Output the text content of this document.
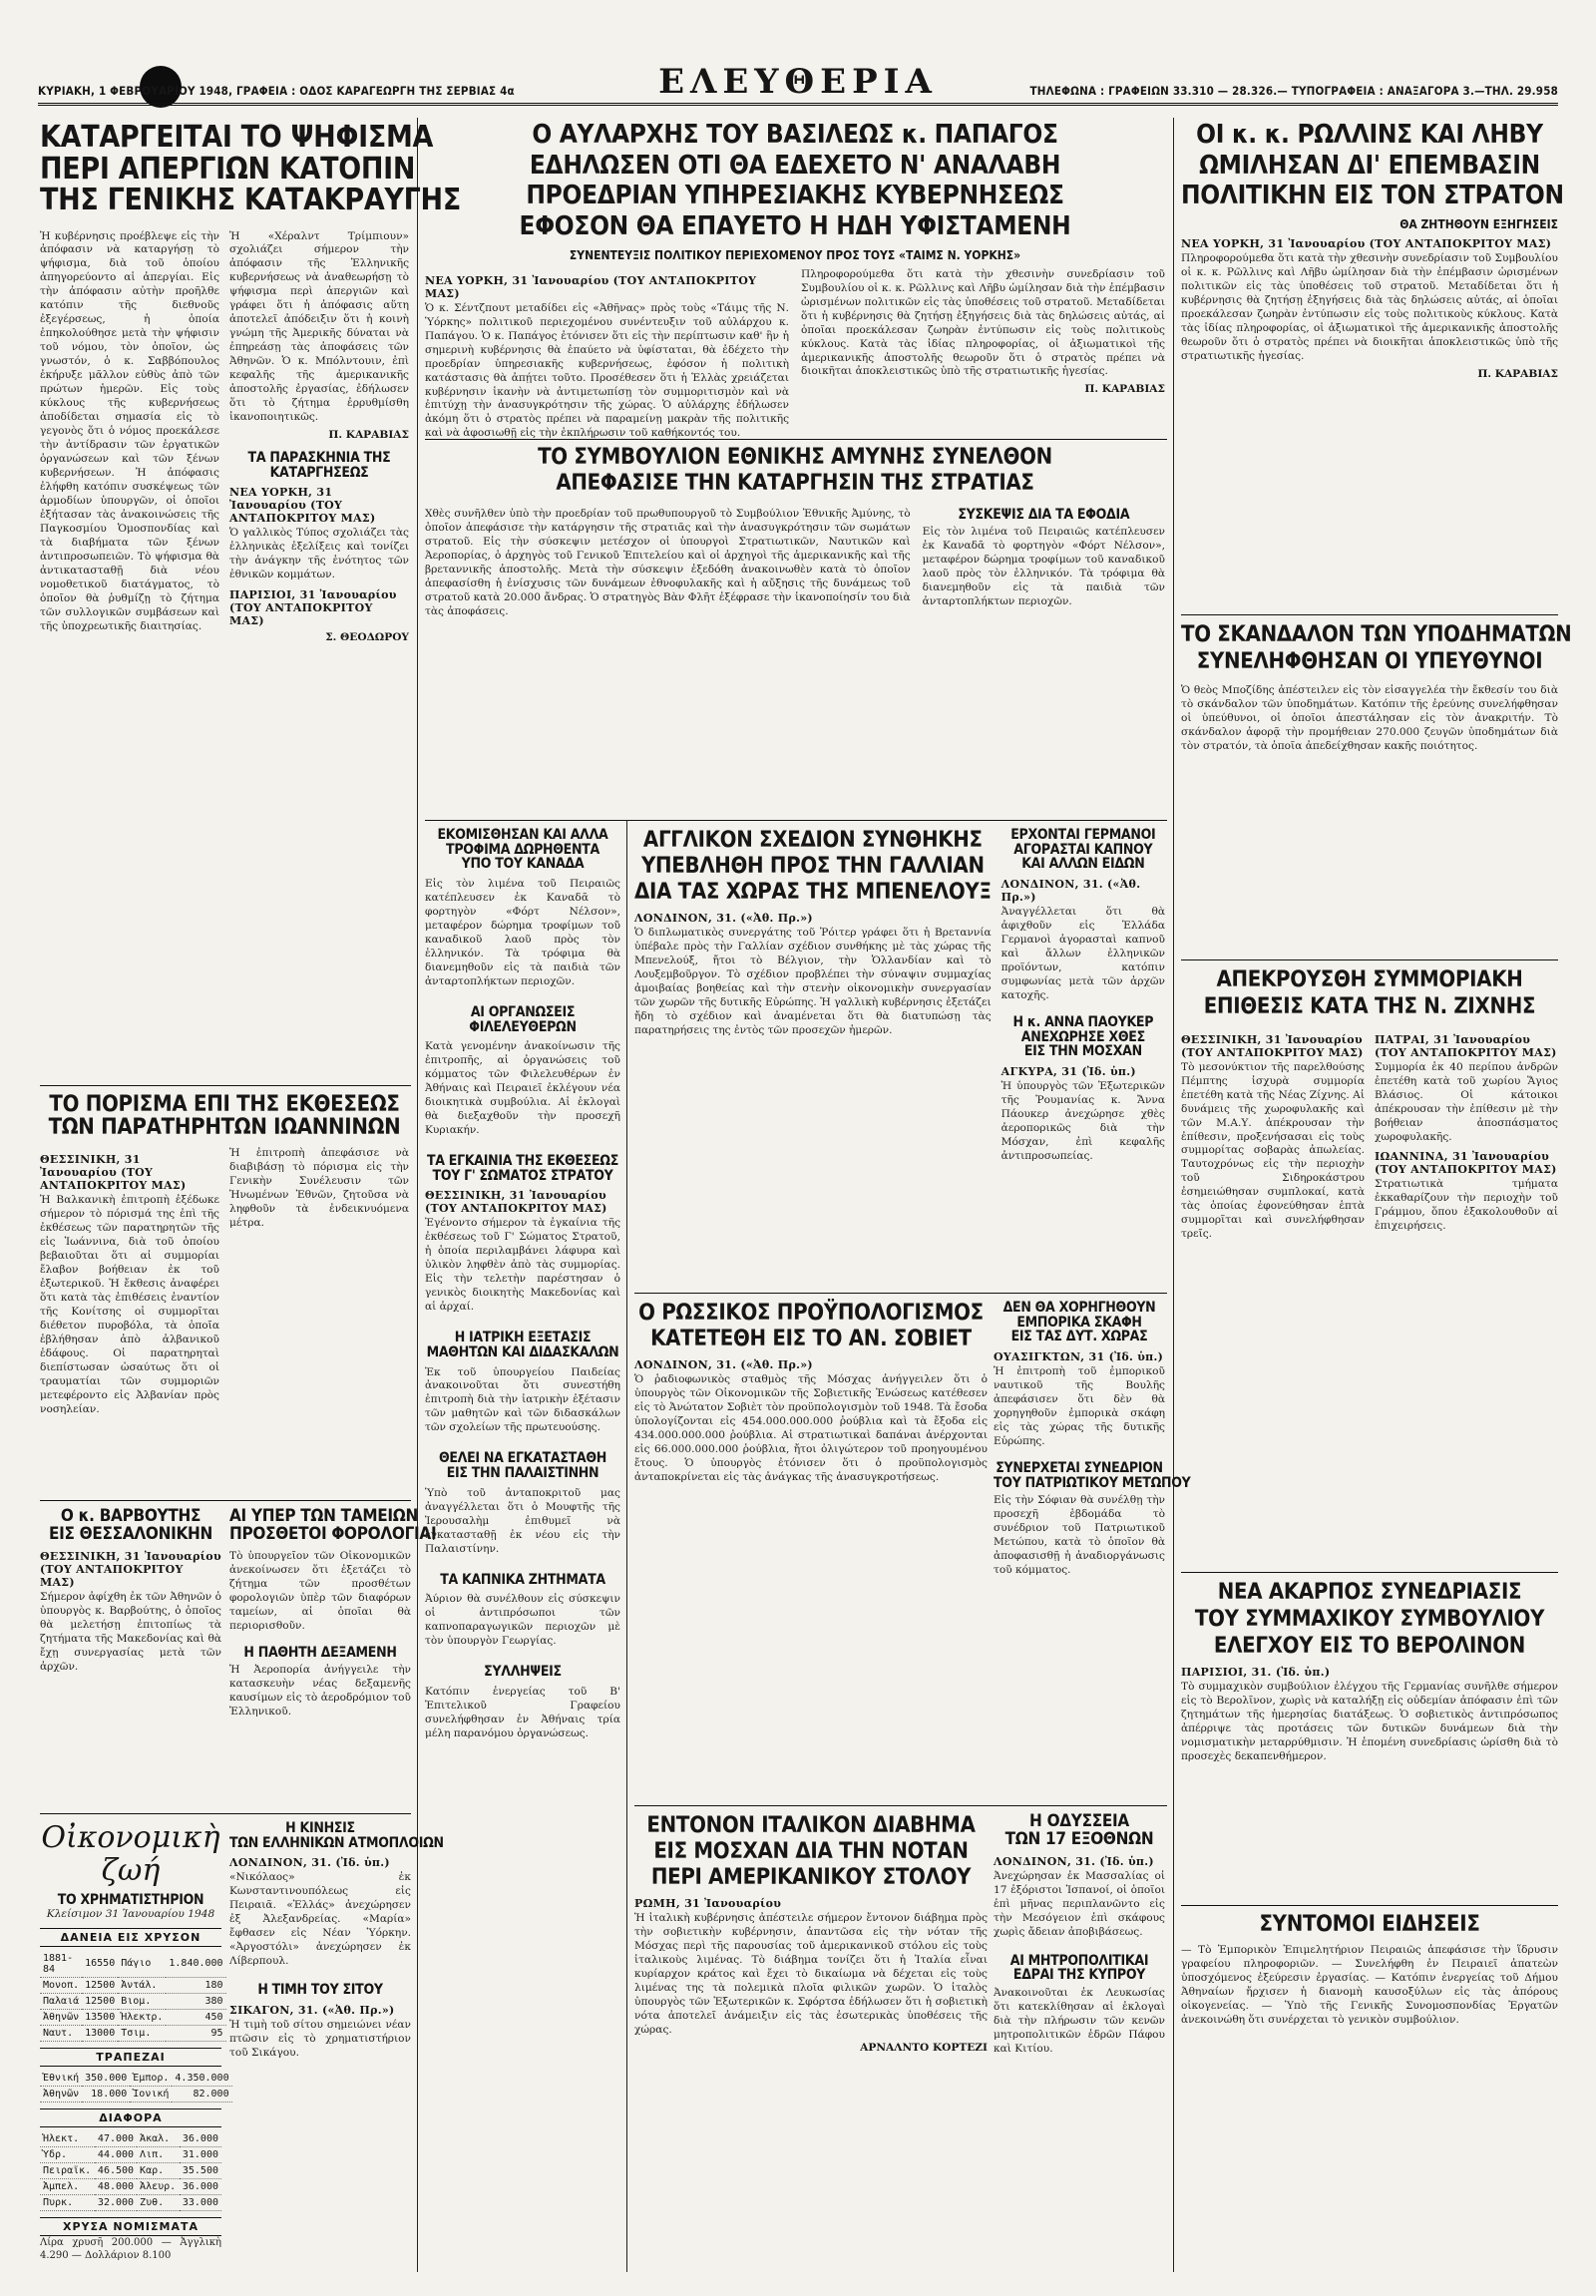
ΚΥΡΙΑΚΗ, 1 ΦΕΒΡΟΥΑΡΙΟΥ 1948, ΓΡΑΦΕΙΑ : ΟΔΟΣ ΚΑΡΑΓΕΩΡΓΗ ΤΗΣ ΣΕΡΒΙΑΣ 4α	ΕΛΕΥΘΕΡΙΑ	ΤΗΛΕΦΩΝΑ : ΓΡΑΦΕΙΩΝ 33.310 — 28.326.— ΤΥΠΟΓΡΑΦΕΙΑ : ΑΝΑΞΑΓΟΡΑ 3.—ΤΗΛ. 29.958
ΚΑΤΑΡΓΕΙΤΑΙ ΤΟ ΨΗΦΙΣΜΑ
ΠΕΡΙ ΑΠΕΡΓΙΩΝ ΚΑΤΟΠΙΝ
ΤΗΣ ΓΕΝΙΚΗΣ ΚΑΤΑΚΡΑΥΓΗΣ
Ἡ κυβέρνησις προέβλεψε εἰς τὴν ἀπόφασιν νὰ καταργήσῃ τὸ ψήφισμα, διὰ τοῦ ὁποίου ἀπηγορεύοντο αἱ ἀπεργίαι. Εἰς τὴν ἀπόφασιν αὐτὴν προῆλθε κατόπιν τῆς διεθνοῦς ἐξεγέρσεως, ἡ ὁποία ἐπηκολούθησε μετὰ τὴν ψήφισιν τοῦ νόμου, τὸν ὁποῖον, ὡς γνωστόν, ὁ κ. Σαββόπουλος ἐκήρυξε μᾶλλον εὐθὺς ἀπὸ τῶν πρώτων ἡμερῶν. Εἰς τοὺς κύκλους τῆς κυβερνήσεως ἀποδίδεται σημασία εἰς τὸ γεγονὸς ὅτι ὁ νόμος προεκάλεσε τὴν ἀντίδρασιν τῶν ἐργατικῶν ὀργανώσεων καὶ τῶν ξένων κυβερνήσεων. Ἡ ἀπόφασις ἐλήφθη κατόπιν συσκέψεως τῶν ἀρμοδίων ὑπουργῶν, οἱ ὁποῖοι ἐξήτασαν τὰς ἀνακοινώσεις τῆς Παγκοσμίου Ὁμοσπονδίας καὶ τὰ διαβήματα τῶν ξένων ἀντιπροσωπειῶν. Τὸ ψήφισμα θὰ ἀντικατασταθῇ διὰ νέου νομοθετικοῦ διατάγματος, τὸ ὁποῖον θὰ ῥυθμίζῃ τὸ ζήτημα τῶν συλλογικῶν συμβάσεων καὶ τῆς ὑποχρεωτικῆς διαιτησίας.
Ἡ «Χέραλντ Τρίμπιουν» σχολιάζει σήμερον τὴν ἀπόφασιν τῆς Ἑλληνικῆς κυβερνήσεως νὰ ἀναθεωρήσῃ τὸ ψήφισμα περὶ ἀπεργιῶν καὶ γράφει ὅτι ἡ ἀπόφασις αὕτη ἀποτελεῖ ἀπόδειξιν ὅτι ἡ κοινὴ γνώμη τῆς Ἀμερικῆς δύναται νὰ ἐπηρεάσῃ τὰς ἀποφάσεις τῶν Ἀθηνῶν. Ὁ κ. Μπόλντουιν, ἐπὶ κεφαλῆς τῆς ἀμερικανικῆς ἀποστολῆς ἐργασίας, ἐδήλωσεν ὅτι τὸ ζήτημα ἐρρυθμίσθη ἱκανοποιητικῶς.
Π. ΚΑΡΑΒΙΑΣ
ΤΑ ΠΑΡΑΣΚΗΝΙΑ ΤΗΣ ΚΑΤΑΡΓΗΣΕΩΣ
ΝΕΑ ΥΟΡΚΗ, 31 Ἰανουαρίου (ΤΟΥ ΑΝΤΑΠΟΚΡΙΤΟΥ ΜΑΣ)
Ὁ γαλλικὸς Τύπος σχολιάζει τὰς ἑλληνικὰς ἐξελίξεις καὶ τονίζει τὴν ἀνάγκην τῆς ἑνότητος τῶν ἐθνικῶν κομμάτων.
ΠΑΡΙΣΙΟΙ, 31 Ἰανουαρίου (ΤΟΥ ΑΝΤΑΠΟΚΡΙΤΟΥ ΜΑΣ)
Σ. ΘΕΟΔΩΡΟΥ
ΤΟ ΠΟΡΙΣΜΑ ΕΠΙ ΤΗΣ ΕΚΘΕΣΕΩΣ
ΤΩΝ ΠΑΡΑΤΗΡΗΤΩΝ ΙΩΑΝΝΙΝΩΝ
ΘΕΣΣΙΝΙΚΗ, 31 Ἰανουαρίου (ΤΟΥ ΑΝΤΑΠΟΚΡΙΤΟΥ ΜΑΣ)
Ἡ Βαλκανικὴ ἐπιτροπὴ ἐξέδωκε σήμερον τὸ πόρισμά της ἐπὶ τῆς ἐκθέσεως τῶν παρατηρητῶν τῆς εἰς Ἰωάννινα, διὰ τοῦ ὁποίου βεβαιοῦται ὅτι αἱ συμμορίαι ἔλαβον βοήθειαν ἐκ τοῦ ἐξωτερικοῦ. Ἡ ἔκθεσις ἀναφέρει ὅτι κατὰ τὰς ἐπιθέσεις ἐναντίον τῆς Κονίτσης οἱ συμμορῖται διέθετον πυροβόλα, τὰ ὁποῖα ἐβλήθησαν ἀπὸ ἀλβανικοῦ ἐδάφους. Οἱ παρατηρηταὶ διεπίστωσαν ὡσαύτως ὅτι οἱ τραυματίαι τῶν συμμοριῶν μετεφέροντο εἰς Ἀλβανίαν πρὸς νοσηλείαν.
Ἡ ἐπιτροπὴ ἀπεφάσισε νὰ διαβιβάσῃ τὸ πόρισμα εἰς τὴν Γενικὴν Συνέλευσιν τῶν Ἡνωμένων Ἐθνῶν, ζητοῦσα νὰ ληφθοῦν τὰ ἐνδεικνυόμενα μέτρα.
Ο κ. ΒΑΡΒΟΥΤΗΣ
ΕΙΣ ΘΕΣΣΑΛΟΝΙΚΗΝ
ΘΕΣΣΙΝΙΚΗ, 31 Ἰανουαρίου (ΤΟΥ ΑΝΤΑΠΟΚΡΙΤΟΥ ΜΑΣ)
Σήμερον ἀφίχθη ἐκ τῶν Ἀθηνῶν ὁ ὑπουργὸς κ. Βαρβούτης, ὁ ὁποῖος θὰ μελετήσῃ ἐπιτοπίως τὰ ζητήματα τῆς Μακεδονίας καὶ θὰ ἔχῃ συνεργασίας μετὰ τῶν ἀρχῶν.
ΑΙ ΥΠΕΡ ΤΩΝ ΤΑΜΕΙΩΝ
ΠΡΟΣΘΕΤΟΙ ΦΟΡΟΛΟΓΙΑΙ
Τὸ ὑπουργεῖον τῶν Οἰκονομικῶν ἀνεκοίνωσεν ὅτι ἐξετάζει τὸ ζήτημα τῶν προσθέτων φορολογιῶν ὑπὲρ τῶν διαφόρων ταμείων, αἱ ὁποῖαι θὰ περιορισθοῦν.
Η ΠΑΘΗΤΗ ΔΕΞΑΜΕΝΗ
Ἡ Ἀεροπορία ἀνήγγειλε τὴν κατασκευὴν νέας δεξαμενῆς καυσίμων εἰς τὸ ἀεροδρόμιον τοῦ Ἑλληνικοῦ.
Οἰκονομικὴ ζωή
ΤΟ ΧΡΗΜΑΤΙΣΤΗΡΙΟΝ
Κλείσιμον 31 Ἰανουαρίου 1948
ΔΑΝΕΙΑ ΕΙΣ ΧΡΥΣΟΝ
1881-84	16550	Πάγιο	1.840.000
Μονοπ.	12500	Ἀντάλ.	180
Παλαιά	12500	Βιομ.	380
Ἀθηνῶν	13500	Ἡλεκτρ.	450
Ναυτ.	13000	Τσιμ.	95
ΤΡΑΠΕΖΑΙ
Ἐθνική	350.000	Ἐμπορ.	4.350.000
Ἀθηνῶν	18.000	Ἰονική	82.000
ΔΙΑΦΟΡΑ
Ἠλεκτ.	47.000	Ἀκαλ.	36.000
Ὑδρ.	44.000	Λιπ.	31.000
Πειραϊκ.	46.500	Καρ.	35.500
Ἀμπελ.	48.000	Ἀλευρ.	36.000
Πυρκ.	32.000	Ζυθ.	33.000
ΧΡΥΣΑ ΝΟΜΙΣΜΑΤΑ
Λίρα χρυσῆ 200.000 — Ἀγγλικὴ 4.290 — Δολλάριον 8.100
Η ΚΙΝΗΣΙΣ
ΤΩΝ ΕΛΛΗΝΙΚΩΝ ΑΤΜΟΠΛΟΙΩΝ
ΛΟΝΔΙΝΟΝ, 31. (Ἰδ. ὑπ.)
«Νικόλαος» ἐκ Κωνσταντινουπόλεως εἰς Πειραιᾶ. «Ἑλλάς» ἀνεχώρησεν ἐξ Ἀλεξανδρείας. «Μαρία» ἔφθασεν εἰς Νέαν Ὑόρκην. «Ἀργοστόλι» ἀνεχώρησεν ἐκ Λίβερπουλ.
Η ΤΙΜΗ ΤΟΥ ΣΙΤΟΥ
ΣΙΚΑΓΟΝ, 31. («Ἀθ. Πρ.»)
Ἡ τιμὴ τοῦ σίτου σημειώνει νέαν πτῶσιν εἰς τὸ χρηματιστήριον τοῦ Σικάγου.
Ο ΑΥΛΑΡΧΗΣ ΤΟΥ ΒΑΣΙΛΕΩΣ κ. ΠΑΠΑΓΟΣ
ΕΔΗΛΩΣΕΝ ΟΤΙ ΘΑ ΕΔΕΧΕΤΟ Ν' ΑΝΑΛΑΒΗ
ΠΡΟΕΔΡΙΑΝ ΥΠΗΡΕΣΙΑΚΗΣ ΚΥΒΕΡΝΗΣΕΩΣ
ΕΦΟΣΟΝ ΘΑ ΕΠΑΥΕΤΟ Η ΗΔΗ ΥΦΙΣΤΑΜΕΝΗ
ΣΥΝΕΝΤΕΥΞΙΣ ΠΟΛΙΤΙΚΟΥ ΠΕΡΙΕΧΟΜΕΝΟΥ ΠΡΟΣ ΤΟΥΣ «ΤΑΙΜΣ Ν. ΥΟΡΚΗΣ»
ΝΕΑ ΥΟΡΚΗ, 31 Ἰανουαρίου (ΤΟΥ ΑΝΤΑΠΟΚΡΙΤΟΥ ΜΑΣ)
Ὁ κ. Σέντζπουτ μεταδίδει εἰς «Ἀθῆνας» πρὸς τοὺς «Τάιμς τῆς Ν. Ὑόρκης» πολιτικοῦ περιεχομένου συνέντευξιν τοῦ αὐλάρχου κ. Παπάγου. Ὁ κ. Παπάγος ἐτόνισεν ὅτι εἰς τὴν περίπτωσιν καθ' ἣν ἡ σημερινὴ κυβέρνησις θὰ ἐπαύετο νὰ ὑφίσταται, θὰ ἐδέχετο τὴν προεδρίαν ὑπηρεσιακῆς κυβερνήσεως, ἐφόσον ἡ πολιτικὴ κατάστασις θὰ ἀπῄτει τοῦτο. Προσέθεσεν ὅτι ἡ Ἑλλὰς χρειάζεται κυβέρνησιν ἱκανὴν νὰ ἀντιμετωπίσῃ τὸν συμμοριτισμὸν καὶ νὰ ἐπιτύχῃ τὴν ἀνασυγκρότησιν τῆς χώρας. Ὁ αὐλάρχης ἐδήλωσεν ἀκόμη ὅτι ὁ στρατὸς πρέπει νὰ παραμείνῃ μακρὰν τῆς πολιτικῆς καὶ νὰ ἀφοσιωθῇ εἰς τὴν ἐκπλήρωσιν τοῦ καθήκοντός του.
Πληροφορούμεθα ὅτι κατὰ τὴν χθεσινὴν συνεδρίασιν τοῦ Συμβουλίου οἱ κ. κ. Ρῶλλινς καὶ Λῆβυ ὡμίλησαν διὰ τὴν ἐπέμβασιν ὡρισμένων πολιτικῶν εἰς τὰς ὑποθέσεις τοῦ στρατοῦ. Μεταδίδεται ὅτι ἡ κυβέρνησις θὰ ζητήσῃ ἐξηγήσεις διὰ τὰς δηλώσεις αὐτάς, αἱ ὁποῖαι προεκάλεσαν ζωηρὰν ἐντύπωσιν εἰς τοὺς πολιτικοὺς κύκλους. Κατὰ τὰς ἰδίας πληροφορίας, οἱ ἀξιωματικοὶ τῆς ἀμερικανικῆς ἀποστολῆς θεωροῦν ὅτι ὁ στρατὸς πρέπει νὰ διοικῆται ἀποκλειστικῶς ὑπὸ τῆς στρατιωτικῆς ἡγεσίας.
Π. ΚΑΡΑΒΙΑΣ
ΤΟ ΣΥΜΒΟΥΛΙΟΝ ΕΘΝΙΚΗΣ ΑΜΥΝΗΣ ΣΥΝΕΛΘΟΝ
ΑΠΕΦΑΣΙΣΕ ΤΗΝ ΚΑΤΑΡΓΗΣΙΝ ΤΗΣ ΣΤΡΑΤΙΑΣ
Χθὲς συνῆλθεν ὑπὸ τὴν προεδρίαν τοῦ πρωθυπουργοῦ τὸ Συμβούλιον Ἐθνικῆς Ἀμύνης, τὸ ὁποῖον ἀπεφάσισε τὴν κατάργησιν τῆς στρατιᾶς καὶ τὴν ἀνασυγκρότησιν τῶν σωμάτων στρατοῦ. Εἰς τὴν σύσκεψιν μετέσχον οἱ ὑπουργοὶ Στρατιωτικῶν, Ναυτικῶν καὶ Ἀεροπορίας, ὁ ἀρχηγὸς τοῦ Γενικοῦ Ἐπιτελείου καὶ οἱ ἀρχηγοὶ τῆς ἀμερικανικῆς καὶ τῆς βρεταννικῆς ἀποστολῆς. Μετὰ τὴν σύσκεψιν ἐξεδόθη ἀνακοινωθὲν κατὰ τὸ ὁποῖον ἀπεφασίσθη ἡ ἐνίσχυσις τῶν δυνάμεων ἐθνοφυλακῆς καὶ ἡ αὔξησις τῆς δυνάμεως τοῦ στρατοῦ κατὰ 20.000 ἄνδρας. Ὁ στρατηγὸς Βὰν Φλῆτ ἐξέφρασε τὴν ἱκανοποίησίν του διὰ τὰς ἀποφάσεις.
ΣΥΣΚΕΨΙΣ ΔΙΑ ΤΑ ΕΦΟΔΙΑ
Εἰς τὸν λιμένα τοῦ Πειραιῶς κατέπλευσεν ἐκ Καναδᾶ τὸ φορτηγὸν «Φόρτ Νέλσον», μεταφέρον δώρημα τροφίμων τοῦ καναδικοῦ λαοῦ πρὸς τὸν ἑλληνικόν. Τὰ τρόφιμα θὰ διανεμηθοῦν εἰς τὰ παιδιὰ τῶν ἀνταρτοπλήκτων περιοχῶν.
ΕΚΟΜΙΣΘΗΣΑΝ ΚΑΙ ΑΛΛΑ
ΤΡΟΦΙΜΑ ΔΩΡΗΘΕΝΤΑ
ΥΠΟ ΤΟΥ ΚΑΝΑΔΑ
Εἰς τὸν λιμένα τοῦ Πειραιῶς κατέπλευσεν ἐκ Καναδᾶ τὸ φορτηγὸν «Φόρτ Νέλσον», μεταφέρον δώρημα τροφίμων τοῦ καναδικοῦ λαοῦ πρὸς τὸν ἑλληνικόν. Τὰ τρόφιμα θὰ διανεμηθοῦν εἰς τὰ παιδιὰ τῶν ἀνταρτοπλήκτων περιοχῶν.
ΑΙ ΟΡΓΑΝΩΣΕΙΣ
ΦΙΛΕΛΕΥΘΕΡΩΝ
Κατὰ γενομένην ἀνακοίνωσιν τῆς ἐπιτροπῆς, αἱ ὀργανώσεις τοῦ κόμματος τῶν Φιλελευθέρων ἐν Ἀθήναις καὶ Πειραιεῖ ἐκλέγουν νέα διοικητικὰ συμβούλια. Αἱ ἐκλογαὶ θὰ διεξαχθοῦν τὴν προσεχῆ Κυριακήν.
ΤΑ ΕΓΚΑΙΝΙΑ ΤΗΣ ΕΚΘΕΣΕΩΣ
ΤΟΥ Γ' ΣΩΜΑΤΟΣ ΣΤΡΑΤΟΥ
ΘΕΣΣΙΝΙΚΗ, 31 Ἰανουαρίου (ΤΟΥ ΑΝΤΑΠΟΚΡΙΤΟΥ ΜΑΣ)
Ἐγένοντο σήμερον τὰ ἐγκαίνια τῆς ἐκθέσεως τοῦ Γ' Σώματος Στρατοῦ, ἡ ὁποία περιλαμβάνει λάφυρα καὶ ὑλικὸν ληφθὲν ἀπὸ τὰς συμμορίας. Εἰς τὴν τελετὴν παρέστησαν ὁ γενικὸς διοικητὴς Μακεδονίας καὶ αἱ ἀρχαί.
Η ΙΑΤΡΙΚΗ ΕΞΕΤΑΣΙΣ
ΜΑΘΗΤΩΝ ΚΑΙ ΔΙΔΑΣΚΑΛΩΝ
Ἐκ τοῦ ὑπουργείου Παιδείας ἀνακοινοῦται ὅτι συνεστήθη ἐπιτροπὴ διὰ τὴν ἰατρικὴν ἐξέτασιν τῶν μαθητῶν καὶ τῶν διδασκάλων τῶν σχολείων τῆς πρωτευούσης.
ΘΕΛΕΙ ΝΑ ΕΓΚΑΤΑΣΤΑΘΗ
ΕΙΣ ΤΗΝ ΠΑΛΑΙΣΤΙΝΗΝ
Ὑπὸ τοῦ ἀνταποκριτοῦ μας ἀναγγέλλεται ὅτι ὁ Μουφτῆς τῆς Ἱερουσαλὴμ ἐπιθυμεῖ νὰ ἐγκατασταθῇ ἐκ νέου εἰς τὴν Παλαιστίνην.
ΤΑ ΚΑΠΝΙΚΑ ΖΗΤΗΜΑΤΑ
Ἀύριον θὰ συνέλθουν εἰς σύσκεψιν οἱ ἀντιπρόσωποι τῶν καπνοπαραγωγικῶν περιοχῶν μὲ τὸν ὑπουργὸν Γεωργίας.
ΣΥΛΛΗΨΕΙΣ
Κατόπιν ἐνεργείας τοῦ Β' Ἐπιτελικοῦ Γραφείου συνελήφθησαν ἐν Ἀθήναις τρία μέλη παρανόμου ὀργανώσεως.
ΑΓΓΛΙΚΟΝ ΣΧΕΔΙΟΝ ΣΥΝΘΗΚΗΣ
ΥΠΕΒΛΗΘΗ ΠΡΟΣ ΤΗΝ ΓΑΛΛΙΑΝ
ΔΙΑ ΤΑΣ ΧΩΡΑΣ ΤΗΣ ΜΠΕΝΕΛΟΥΞ
ΛΟΝΔΙΝΟΝ, 31. («Ἀθ. Πρ.»)
Ὁ διπλωματικὸς συνεργάτης τοῦ Ῥόιτερ γράφει ὅτι ἡ Βρεταννία ὑπέβαλε πρὸς τὴν Γαλλίαν σχέδιον συνθήκης μὲ τὰς χώρας τῆς Μπενελούξ, ἤτοι τὸ Βέλγιον, τὴν Ὁλλανδίαν καὶ τὸ Λουξεμβοῦργον. Τὸ σχέδιον προβλέπει τὴν σύναψιν συμμαχίας ἀμοιβαίας βοηθείας καὶ τὴν στενὴν οἰκονομικὴν συνεργασίαν τῶν χωρῶν τῆς δυτικῆς Εὐρώπης. Ἡ γαλλικὴ κυβέρνησις ἐξετάζει ἤδη τὸ σχέδιον καὶ ἀναμένεται ὅτι θὰ διατυπώσῃ τὰς παρατηρήσεις της ἐντὸς τῶν προσεχῶν ἡμερῶν.
ΕΡΧΟΝΤΑΙ ΓΕΡΜΑΝΟΙ
ΑΓΟΡΑΣΤΑΙ ΚΑΠΝΟΥ
ΚΑΙ ΑΛΛΩΝ ΕΙΔΩΝ
ΛΟΝΔΙΝΟΝ, 31. («Ἀθ. Πρ.»)
Ἀναγγέλλεται ὅτι θὰ ἀφιχθοῦν εἰς Ἑλλάδα Γερμανοὶ ἀγορασταὶ καπνοῦ καὶ ἄλλων ἑλληνικῶν προϊόντων, κατόπιν συμφωνίας μετὰ τῶν ἀρχῶν κατοχῆς.
Η κ. ΑΝΝΑ ΠΑΟΥΚΕΡ
ΑΝΕΧΩΡΗΣΕ ΧΘΕΣ
ΕΙΣ ΤΗΝ ΜΟΣΧΑΝ
ΑΓΚΥΡΑ, 31 (Ἰδ. ὑπ.)
Ἡ ὑπουργὸς τῶν Ἐξωτερικῶν τῆς Ῥουμανίας κ. Ἄννα Πάουκερ ἀνεχώρησε χθὲς ἀεροπορικῶς διὰ τὴν Μόσχαν, ἐπὶ κεφαλῆς ἀντιπροσωπείας.
Ο ΡΩΣΣΙΚΟΣ ΠΡΟΫΠΟΛΟΓΙΣΜΟΣ
ΚΑΤΕΤΕΘΗ ΕΙΣ ΤΟ ΑΝ. ΣΟΒΙΕΤ
ΛΟΝΔΙΝΟΝ, 31. («Ἀθ. Πρ.»)
Ὁ ῥαδιοφωνικὸς σταθμὸς τῆς Μόσχας ἀνήγγειλεν ὅτι ὁ ὑπουργὸς τῶν Οἰκονομικῶν τῆς Σοβιετικῆς Ἑνώσεως κατέθεσεν εἰς τὸ Ἀνώτατον Σοβιὲτ τὸν προϋπολογισμὸν τοῦ 1948. Τὰ ἔσοδα ὑπολογίζονται εἰς 454.000.000.000 ῥούβλια καὶ τὰ ἔξοδα εἰς 434.000.000.000 ῥούβλια. Αἱ στρατιωτικαὶ δαπάναι ἀνέρχονται εἰς 66.000.000.000 ῥούβλια, ἤτοι ὀλιγώτερον τοῦ προηγουμένου ἔτους. Ὁ ὑπουργὸς ἐτόνισεν ὅτι ὁ προϋπολογισμὸς ἀνταποκρίνεται εἰς τὰς ἀνάγκας τῆς ἀνασυγκροτήσεως.
ΔΕΝ ΘΑ ΧΟΡΗΓΗΘΟΥΝ
ΕΜΠΟΡΙΚΑ ΣΚΑΦΗ
ΕΙΣ ΤΑΣ ΔΥΤ. ΧΩΡΑΣ
ΟΥΑΣΙΓΚΤΩΝ, 31 (Ἰδ. ὑπ.)
Ἡ ἐπιτροπὴ τοῦ ἐμπορικοῦ ναυτικοῦ τῆς Βουλῆς ἀπεφάσισεν ὅτι δὲν θὰ χορηγηθοῦν ἐμπορικὰ σκάφη εἰς τὰς χώρας τῆς δυτικῆς Εὐρώπης.
ΣΥΝΕΡΧΕΤΑΙ ΣΥΝΕΔΡΙΟΝ
ΤΟΥ ΠΑΤΡΙΩΤΙΚΟΥ ΜΕΤΩΠΟΥ
Εἰς τὴν Σόφιαν θὰ συνέλθῃ τὴν προσεχῆ ἑβδομάδα τὸ συνέδριον τοῦ Πατριωτικοῦ Μετώπου, κατὰ τὸ ὁποῖον θὰ ἀποφασισθῇ ἡ ἀναδιοργάνωσις τοῦ κόμματος.
ΕΝΤΟΝΟΝ ΙΤΑΛΙΚΟΝ ΔΙΑΒΗΜΑ
ΕΙΣ ΜΟΣΧΑΝ ΔΙΑ ΤΗΝ ΝΟΤΑΝ
ΠΕΡΙ ΑΜΕΡΙΚΑΝΙΚΟΥ ΣΤΟΛΟΥ
ΡΩΜΗ, 31 Ἰανουαρίου
Ἡ ἰταλικὴ κυβέρνησις ἀπέστειλε σήμερον ἔντονον διάβημα πρὸς τὴν σοβιετικὴν κυβέρνησιν, ἀπαντῶσα εἰς τὴν νόταν τῆς Μόσχας περὶ τῆς παρουσίας τοῦ ἀμερικανικοῦ στόλου εἰς τοὺς ἰταλικοὺς λιμένας. Τὸ διάβημα τονίζει ὅτι ἡ Ἰταλία εἶναι κυρίαρχον κράτος καὶ ἔχει τὸ δικαίωμα νὰ δέχεται εἰς τοὺς λιμένας της τὰ πολεμικὰ πλοῖα φιλικῶν χωρῶν. Ὁ ἰταλὸς ὑπουργὸς τῶν Ἐξωτερικῶν κ. Σφόρτσα ἐδήλωσεν ὅτι ἡ σοβιετικὴ νότα ἀποτελεῖ ἀνάμειξιν εἰς τὰς ἐσωτερικὰς ὑποθέσεις τῆς χώρας.
ΑΡΝΑΛΝΤΟ ΚΟΡΤΕΖΙ
Η ΟΔΥΣΣΕΙΑ
ΤΩΝ 17 ΕΞΟΘΝΩΝ
ΛΟΝΔΙΝΟΝ, 31. (Ἰδ. ὑπ.)
Ἀνεχώρησαν ἐκ Μασσαλίας οἱ 17 ἐξόριστοι Ἰσπανοί, οἱ ὁποῖοι ἐπὶ μῆνας περιπλανῶντο εἰς τὴν Μεσόγειον ἐπὶ σκάφους χωρὶς ἄδειαν ἀποβιβάσεως.
ΑΙ ΜΗΤΡΟΠΟΛΙΤΙΚΑΙ
ΕΔΡΑΙ ΤΗΣ ΚΥΠΡΟΥ
Ἀνακοινοῦται ἐκ Λευκωσίας ὅτι κατεκλίθησαν αἱ ἐκλογαὶ διὰ τὴν πλήρωσιν τῶν κενῶν μητροπολιτικῶν ἑδρῶν Πάφου καὶ Κιτίου.
ΟΙ κ. κ. ΡΩΛΛΙΝΣ ΚΑΙ ΛΗΒΥ
ΩΜΙΛΗΣΑΝ ΔΙ' ΕΠΕΜΒΑΣΙΝ
ΠΟΛΙΤΙΚΗΝ ΕΙΣ ΤΟΝ ΣΤΡΑΤΟΝ
ΘΑ ΖΗΤΗΘΟΥΝ ΕΞΗΓΗΣΕΙΣ
ΝΕΑ ΥΟΡΚΗ, 31 Ἰανουαρίου (ΤΟΥ ΑΝΤΑΠΟΚΡΙΤΟΥ ΜΑΣ)
Πληροφορούμεθα ὅτι κατὰ τὴν χθεσινὴν συνεδρίασιν τοῦ Συμβουλίου οἱ κ. κ. Ρῶλλινς καὶ Λῆβυ ὡμίλησαν διὰ τὴν ἐπέμβασιν ὡρισμένων πολιτικῶν εἰς τὰς ὑποθέσεις τοῦ στρατοῦ. Μεταδίδεται ὅτι ἡ κυβέρνησις θὰ ζητήσῃ ἐξηγήσεις διὰ τὰς δηλώσεις αὐτάς, αἱ ὁποῖαι προεκάλεσαν ζωηρὰν ἐντύπωσιν εἰς τοὺς πολιτικοὺς κύκλους. Κατὰ τὰς ἰδίας πληροφορίας, οἱ ἀξιωματικοὶ τῆς ἀμερικανικῆς ἀποστολῆς θεωροῦν ὅτι ὁ στρατὸς πρέπει νὰ διοικῆται ἀποκλειστικῶς ὑπὸ τῆς στρατιωτικῆς ἡγεσίας.
Π. ΚΑΡΑΒΙΑΣ
ΤΟ ΣΚΑΝΔΑΛΟΝ ΤΩΝ ΥΠΟΔΗΜΑΤΩΝ
ΣΥΝΕΛΗΦΘΗΣΑΝ ΟΙ ΥΠΕΥΘΥΝΟΙ
Ὁ θεὸς Μποζίδης ἀπέστειλεν εἰς τὸν εἰσαγγελέα τὴν ἔκθεσίν του διὰ τὸ σκάνδαλον τῶν ὑποδημάτων. Κατόπιν τῆς ἐρεύνης συνελήφθησαν οἱ ὑπεύθυνοι, οἱ ὁποῖοι ἀπεστάλησαν εἰς τὸν ἀνακριτήν. Τὸ σκάνδαλον ἀφορᾷ τὴν προμήθειαν 270.000 ζευγῶν ὑποδημάτων διὰ τὸν στρατόν, τὰ ὁποῖα ἀπεδείχθησαν κακῆς ποιότητος.
ΑΠΕΚΡΟΥΣΘΗ ΣΥΜΜΟΡΙΑΚΗ
ΕΠΙΘΕΣΙΣ ΚΑΤΑ ΤΗΣ Ν. ΖΙΧΝΗΣ
ΘΕΣΣΙΝΙΚΗ, 31 Ἰανουαρίου (ΤΟΥ ΑΝΤΑΠΟΚΡΙΤΟΥ ΜΑΣ)
Τὸ μεσονύκτιον τῆς παρελθούσης Πέμπτης ἰσχυρὰ συμμορία ἐπετέθη κατὰ τῆς Νέας Ζίχνης. Αἱ δυνάμεις τῆς χωροφυλακῆς καὶ τῶν Μ.Α.Υ. ἀπέκρουσαν τὴν ἐπίθεσιν, προξενήσασαι εἰς τοὺς συμμορίτας σοβαρὰς ἀπωλείας. Ταυτοχρόνως εἰς τὴν περιοχὴν τοῦ Σιδηροκάστρου ἐσημειώθησαν συμπλοκαί, κατὰ τὰς ὁποίας ἐφονεύθησαν ἑπτὰ συμμορῖται καὶ συνελήφθησαν τρεῖς.
ΠΑΤΡΑΙ, 31 Ἰανουαρίου (ΤΟΥ ΑΝΤΑΠΟΚΡΙΤΟΥ ΜΑΣ)
Συμμορία ἐκ 40 περίπου ἀνδρῶν ἐπετέθη κατὰ τοῦ χωρίου Ἅγιος Βλάσιος. Οἱ κάτοικοι ἀπέκρουσαν τὴν ἐπίθεσιν μὲ τὴν βοήθειαν ἀποσπάσματος χωροφυλακῆς.
ΙΩΑΝΝΙΝΑ, 31 Ἰανουαρίου (ΤΟΥ ΑΝΤΑΠΟΚΡΙΤΟΥ ΜΑΣ)
Στρατιωτικὰ τμήματα ἐκκαθαρίζουν τὴν περιοχὴν τοῦ Γράμμου, ὅπου ἐξακολουθοῦν αἱ ἐπιχειρήσεις.
ΝΕΑ ΑΚΑΡΠΟΣ ΣΥΝΕΔΡΙΑΣΙΣ
ΤΟΥ ΣΥΜΜΑΧΙΚΟΥ ΣΥΜΒΟΥΛΙΟΥ
ΕΛΕΓΧΟΥ ΕΙΣ ΤΟ ΒΕΡΟΛΙΝΟΝ
ΠΑΡΙΣΙΟΙ, 31. (Ἰδ. ὑπ.)
Τὸ συμμαχικὸν συμβούλιον ἐλέγχου τῆς Γερμανίας συνῆλθε σήμερον εἰς τὸ Βερολῖνον, χωρὶς νὰ καταλήξῃ εἰς οὐδεμίαν ἀπόφασιν ἐπὶ τῶν ζητημάτων τῆς ἡμερησίας διατάξεως. Ὁ σοβιετικὸς ἀντιπρόσωπος ἀπέρριψε τὰς προτάσεις τῶν δυτικῶν δυνάμεων διὰ τὴν νομισματικὴν μεταρρύθμισιν. Ἡ ἑπομένη συνεδρίασις ὡρίσθη διὰ τὸ προσεχὲς δεκαπενθήμερον.
ΣΥΝΤΟΜΟΙ ΕΙΔΗΣΕΙΣ
— Τὸ Ἐμπορικὸν Ἐπιμελητήριον Πειραιῶς ἀπεφάσισε τὴν ἵδρυσιν γραφείου πληροφοριῶν. — Συνελήφθη ἐν Πειραιεῖ ἀπατεὼν ὑποσχόμενος ἐξεύρεσιν ἐργασίας. — Κατόπιν ἐνεργείας τοῦ Δήμου Ἀθηναίων ἤρχισεν ἡ διανομὴ καυσοξύλων εἰς τὰς ἀπόρους οἰκογενείας. — Ὑπὸ τῆς Γενικῆς Συνομοσπονδίας Ἐργατῶν ἀνεκοινώθη ὅτι συνέρχεται τὸ γενικὸν συμβούλιον.
